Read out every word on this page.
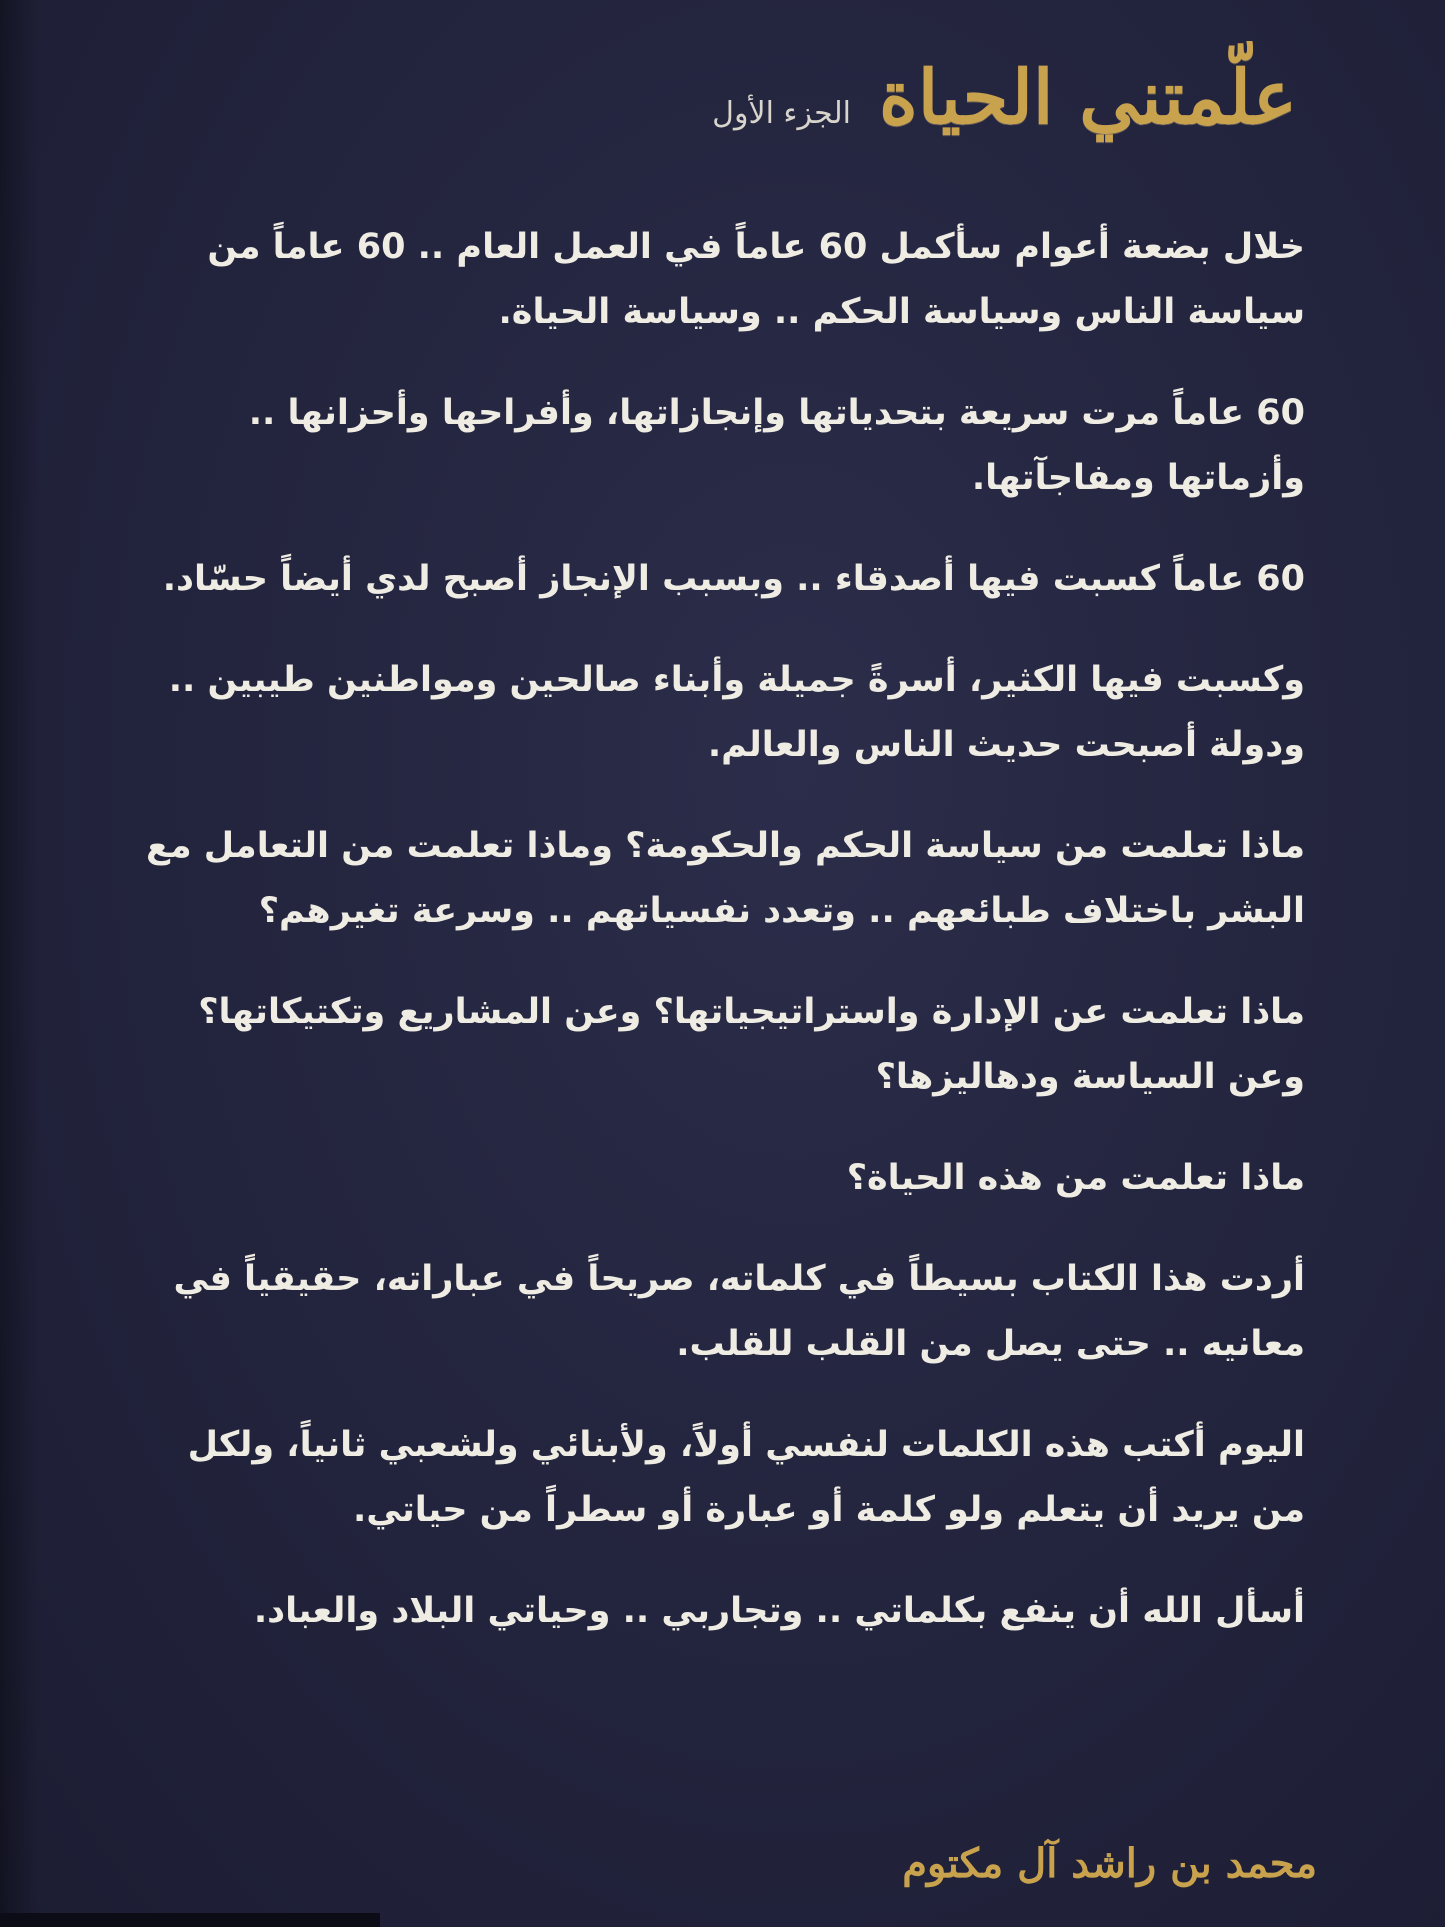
علّمتني الحياة
الجزء الأول

خلال بضعة أعوام سأكمل 60 عاماً في العمل العام .. 60 عاماً من سياسة الناس وسياسة الحكم .. وسياسة الحياة.

60 عاماً مرت سريعة بتحدياتها وإنجازاتها، وأفراحها وأحزانها .. وأزماتها ومفاجآتها.

60 عاماً كسبت فيها أصدقاء .. وبسبب الإنجاز أصبح لدي أيضاً حسّاد.

وكسبت فيها الكثير، أسرةً جميلة وأبناء صالحين ومواطنين طيبين .. ودولة أصبحت حديث الناس والعالم.

ماذا تعلمت من سياسة الحكم والحكومة؟ وماذا تعلمت من التعامل مع البشر باختلاف طبائعهم .. وتعدد نفسياتهم .. وسرعة تغيرهم؟

ماذا تعلمت عن الإدارة واستراتيجياتها؟ وعن المشاريع وتكتيكاتها؟ وعن السياسة ودهاليزها؟

ماذا تعلمت من هذه الحياة؟

أردت هذا الكتاب بسيطاً في كلماته، صريحاً في عباراته، حقيقياً في معانيه .. حتى يصل من القلب للقلب.

اليوم أكتب هذه الكلمات لنفسي أولاً، ولأبنائي ولشعبي ثانياً، ولكل من يريد أن يتعلم ولو كلمة أو عبارة أو سطراً من حياتي.

أسأل الله أن ينفع بكلماتي .. وتجاربي .. وحياتي البلاد والعباد.

محمد بن راشد آل مكتوم
